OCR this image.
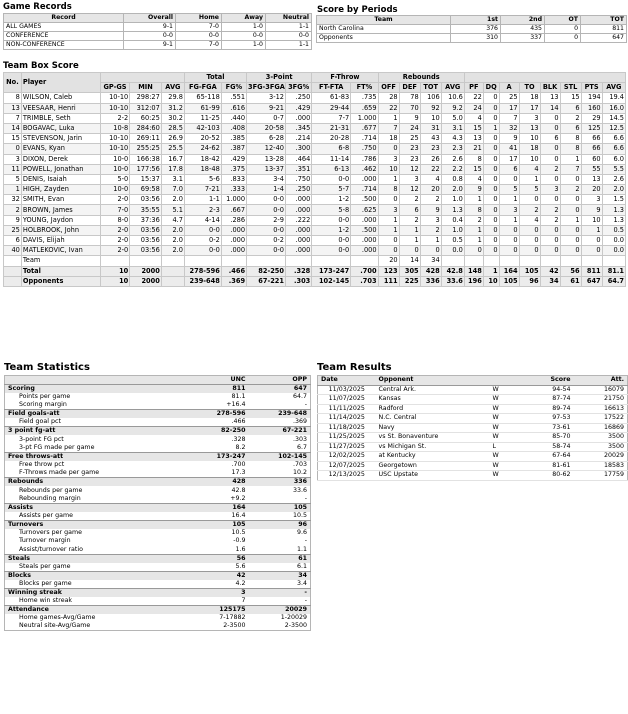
Game Records
Record	Overall	Home	Away	Neutral
ALL GAMES	9-1	7-0	1-0	1-1
CONFERENCE	0-0	0-0	0-0	0-0
NON-CONFERENCE	9-1	7-0	1-0	1-1
Score by Periods
Team	1st	2nd	OT	TOT
North Carolina	376	435	0	811
Opponents	310	337	0	647
Team Box Score
No.	Player				Total		3-Point		F-Throw		Rebounds											
		GP-GS	MIN	AVG	FG-FGA	FG%	3FG-3FGA	3FG%	FT-FTA	FT%	OFF	DEF	TOT	AVG	PF	DQ	A	TO	BLK	STL	PTS	AVG
8	WILSON, Caleb	10-10	298:27	29.8	65-118	.551	3-12	.250	61-83	.735	28	78	106	10.6	22	0	25	18	13	15	194	19.4
13	VEESAAR, Henri	10-10	312:07	31.2	61-99	.616	9-21	.429	29-44	.659	22	70	92	9.2	24	0	17	17	14	6	160	16.0
7	TRIMBLE, Seth	2-2	60:25	30.2	11-25	.440	0-7	.000	7-7	1.000	1	9	10	5.0	4	0	7	3	0	2	29	14.5
14	BOGAVAC, Luka	10-8	284:60	28.5	42-103	.408	20-58	.345	21-31	.677	7	24	31	3.1	15	1	32	13	0	6	125	12.5
15	STEVENSON, Jarin	10-10	269:11	26.9	20-52	.385	6-28	.214	20-28	.714	18	25	43	4.3	13	0	9	10	6	8	66	6.6
0	EVANS, Kyan	10-10	255:25	25.5	24-62	.387	12-40	.300	6-8	.750	0	23	23	2.3	21	0	41	18	0	8	66	6.6
3	DIXON, Derek	10-0	166:38	16.7	18-42	.429	13-28	.464	11-14	.786	3	23	26	2.6	8	0	17	10	0	1	60	6.0
11	POWELL, Jonathan	10-0	177:56	17.8	18-48	.375	13-37	.351	6-13	.462	10	12	22	2.2	15	0	6	4	2	7	55	5.5
5	DENIS, Isaiah	5-0	15:37	3.1	5-6	.833	3-4	.750	0-0	.000	1	3	4	0.8	4	0	0	1	0	0	13	2.6
1	HIGH, Zayden	10-0	69:58	7.0	7-21	.333	1-4	.250	5-7	.714	8	12	20	2.0	9	0	5	5	3	2	20	2.0
32	SMITH, Evan	2-0	03:56	2.0	1-1	1.000	0-0	.000	1-2	.500	0	2	2	1.0	1	0	1	0	0	0	3	1.5
2	BROWN, James	7-0	35:55	5.1	2-3	.667	0-0	.000	5-8	.625	3	6	9	1.3	8	0	3	2	2	0	9	1.3
9	YOUNG, Jaydon	8-0	37:36	4.7	4-14	.286	2-9	.222	0-0	.000	1	2	3	0.4	2	0	1	4	2	1	10	1.3
25	HOLBROOK, John	2-0	03:56	2.0	0-0	.000	0-0	.000	1-2	.500	1	1	2	1.0	1	0	0	0	0	0	1	0.5
6	DAVIS, Elijah	2-0	03:56	2.0	0-2	.000	0-2	.000	0-0	.000	0	1	1	0.5	1	0	0	0	0	0	0	0.0
40	MATLEKOVIC, Ivan	2-0	03:56	2.0	0-0	.000	0-0	.000	0-0	.000	0	0	0	0.0	0	0	0	0	0	0	0	0.0
	Team										20	14	34									
	Total	10	2000		278-596	.466	82-250	.328	173-247	.700	123	305	428	42.8	148	1	164	105	42	56	811	81.1
	Opponents	10	2000		239-648	.369	67-221	.303	102-145	.703	111	225	336	33.6	196	10	105	96	34	61	647	64.7
Team Statistics
	UNC	OPP
Scoring	811	647
Points per game	81.1	64.7
Scoring margin	+16.4	-
Field goals-att	278-596	239-648
Field goal pct	.466	.369
3 point fg-att	82-250	67-221
3-point FG pct	.328	.303
3-pt FG made per game	8.2	6.7
Free throws-att	173-247	102-145
Free throw pct	.700	.703
F-Throws made per game	17.3	10.2
Rebounds	428	336
Rebounds per game	42.8	33.6
Rebounding margin	+9.2	-
Assists	164	105
Assists per game	16.4	10.5
Turnovers	105	96
Turnovers per game	10.5	9.6
Turnover margin	-0.9	-
Assist/turnover ratio	1.6	1.1
Steals	56	61
Steals per game	5.6	6.1
Blocks	42	34
Blocks per game	4.2	3.4
Winning streak	3	-
Home win streak	7	-
Attendance	125175	20029
Home games-Avg/Game	7-17882	1-20029
Neutral site-Avg/Game	2-3500	2-3500
Team Results
Date	Opponent		Score	Att.
11/03/2025	Central Ark.	W	94-54	16079
11/07/2025	Kansas	W	87-74	21750
11/11/2025	Radford	W	89-74	16613
11/14/2025	N.C. Central	W	97-53	17522
11/18/2025	Navy	W	73-61	16869
11/25/2025	vs St. Bonaventure	W	85-70	3500
11/27/2025	vs Michigan St.	L	58-74	3500
12/02/2025	at Kentucky	W	67-64	20029
12/07/2025	Georgetown	W	81-61	18583
12/13/2025	USC Upstate	W	80-62	17759
